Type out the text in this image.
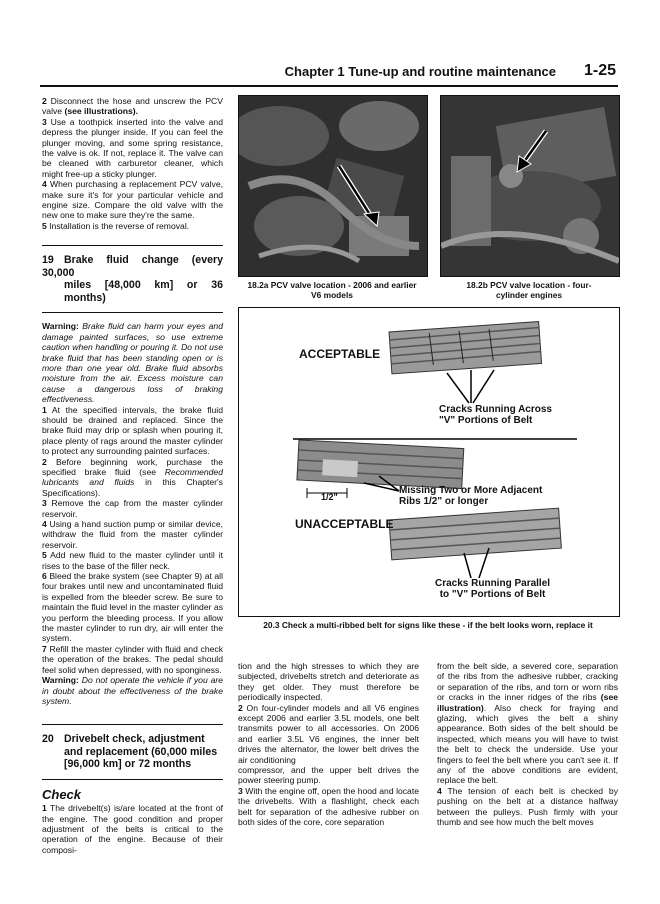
Chapter 1 Tune-up and routine maintenance 1-25

2 Disconnect the hose and unscrew the PCV valve (see illustrations).

3 Use a toothpick inserted into the valve and depress the plunger inside. If you can feel the plunger moving, and some spring resistance, the valve is ok. If not, replace it. The valve can be cleaned with carburetor cleaner, which might free-up a sticky plunger.

4 When purchasing a replacement PCV valve, make sure it's for your particular vehicle and engine size. Compare the old valve with the new one to make sure they're the same.

5 Installation is the reverse of removal.

19 Brake fluid change (every 30,000
miles [48,000 km] or 36 months)

Warning: Brake fluid can harm your eyes and damage painted surfaces, so use extreme caution when handling or pouring it. Do not use brake fluid that has been standing open or is more than one year old. Brake fluid absorbs moisture from the air. Excess moisture can cause a dangerous loss of braking effectiveness.

1 At the specified intervals, the brake fluid should be drained and replaced. Since the brake fluid may drip or splash when pouring it, place plenty of rags around the master cylinder to protect any surrounding painted surfaces.

2 Before beginning work, purchase the specified brake fluid (see Recommended lubricants and fluids in this Chapter's Specifications).

3 Remove the cap from the master cylinder reservoir.

4 Using a hand suction pump or similar device, withdraw the fluid from the master cylinder reservoir.

5 Add new fluid to the master cylinder until it rises to the base of the filler neck.

6 Bleed the brake system (see Chapter 9) at all four brakes until new and uncontaminated fluid is expelled from the bleeder screw. Be sure to maintain the fluid level in the master cylinder as you perform the bleeding process. If you allow the master cylinder to run dry, air will enter the system.

7 Refill the master cylinder with fluid and check the operation of the brakes. The pedal should feel solid when depressed, with no sponginess.

Warning: Do not operate the vehicle if you are in doubt about the effectiveness of the brake system.

20 Drivebelt check, adjustment
and replacement (60,000 miles
[96,000 km] or 72 months
Check

1 The drivebelt(s) is/are located at the front of the engine. The good condition and proper adjustment of the belts is critical to the operation of the engine. Because of their composi-

18.2a PCV valve location - 2006 and earlier
V6 models
18.2b PCV valve location - four-
cylinder engines
ACCEPTABLE
Cracks Running Across
"V" Portions of Belt
Missing Two or More Adjacent
Ribs 1/2" or longer
1/2"
UNACCEPTABLE
Cracks Running Parallel
to "V" Portions of Belt
20.3 Check a multi-ribbed belt for signs like these - if the belt looks worn, replace it

tion and the high stresses to which they are subjected, drivebelts stretch and deteriorate as they get older. They must therefore be periodically inspected.

2 On four-cylinder models and all V6 engines except 2006 and earlier 3.5L models, one belt transmits power to all accessories. On 2006 and earlier 3.5L V6 engines, the inner belt drives the alternator, the lower belt drives the air conditioning

compressor, and the upper belt drives the power steering pump.

3 With the engine off, open the hood and locate the drivebelts. With a flashlight, check each belt for separation of the adhesive rubber on both sides of the core, core separation

from the belt side, a severed core, separation of the ribs from the adhesive rubber, cracking or separation of the ribs, and torn or worn ribs or cracks in the inner ridges of the ribs (see illustration). Also check for fraying and glazing, which gives the belt a shiny appearance. Both sides of the belt should be inspected, which means you will have to twist the belt to check the underside. Use your fingers to feel the belt where you can't see it. If any of the above conditions are evident, replace the belt.

4 The tension of each belt is checked by pushing on the belt at a distance halfway between the pulleys. Push firmly with your thumb and see how much the belt moves
